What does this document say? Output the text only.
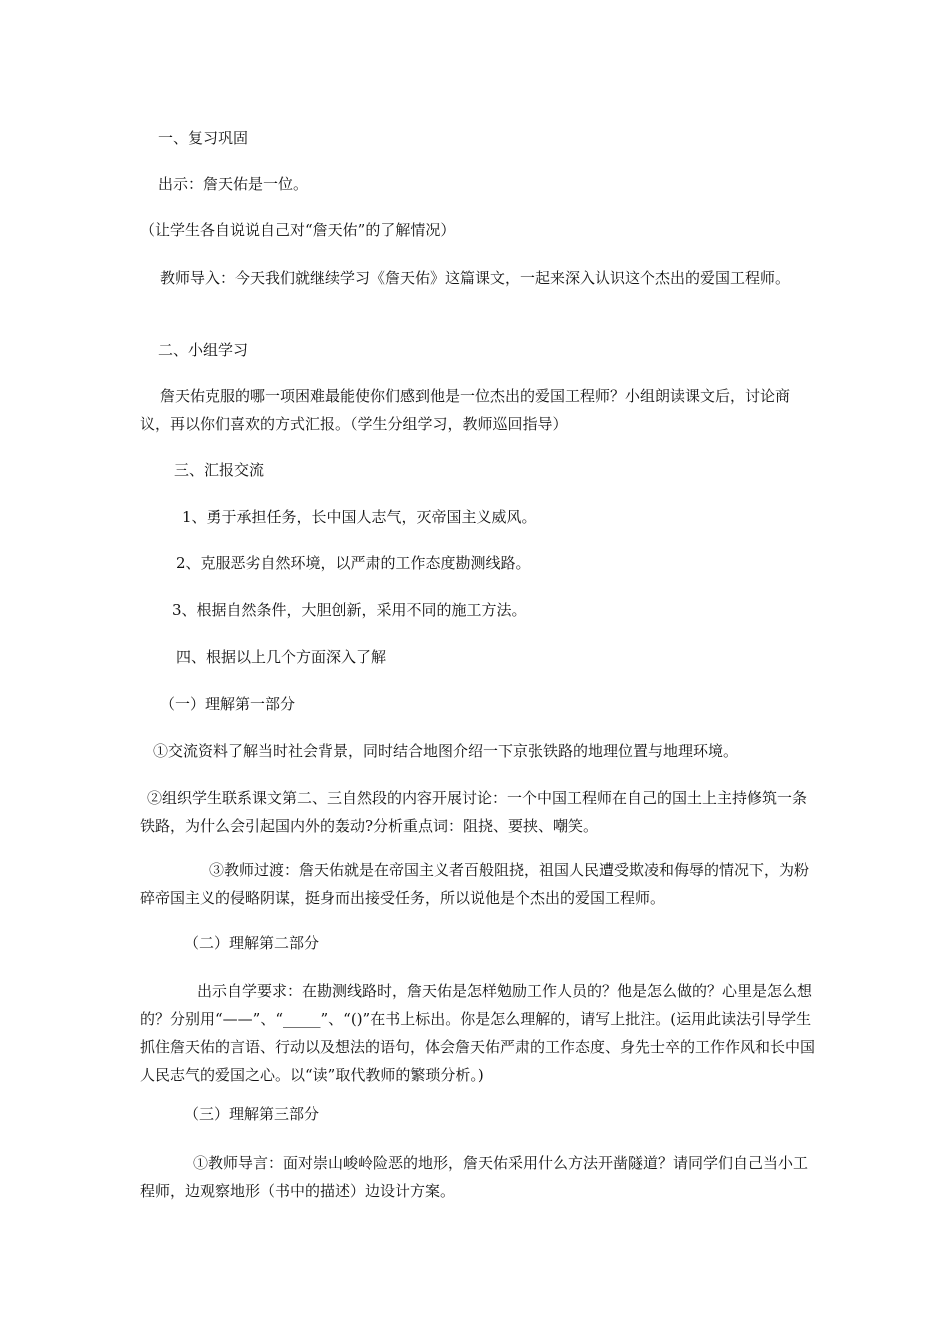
一、复习巩固

出示：詹天佑是一位。

（让学生各自说说自己对“詹天佑”的了解情况）

教师导入：今天我们就继续学习《詹天佑》这篇课文，一起来深入认识这个杰出的爱国工程师。

二、小组学习

詹天佑克服的哪一项困难最能使你们感到他是一位杰出的爱国工程师？小组朗读课文后，讨论商议，再以你们喜欢的方式汇报。（学生分组学习，教师巡回指导）

三、汇报交流

1、勇于承担任务，长中国人志气，灭帝国主义威风。

2、克服恶劣自然环境，以严肃的工作态度勘测线路。

3、根据自然条件，大胆创新，采用不同的施工方法。

四、根据以上几个方面深入了解

（一）理解第一部分

①交流资料了解当时社会背景，同时结合地图介绍一下京张铁路的地理位置与地理环境。

②组织学生联系课文第二、三自然段的内容开展讨论：一个中国工程师在自己的国土上主持修筑一条铁路，为什么会引起国内外的轰动?分析重点词：阻挠、要挟、嘲笑。

③教师过渡：詹天佑就是在帝国主义者百般阻挠，祖国人民遭受欺凌和侮辱的情况下，为粉碎帝国主义的侵略阴谋，挺身而出接受任务，所以说他是个杰出的爱国工程师。

（二）理解第二部分

出示自学要求：在勘测线路时，詹天佑是怎样勉励工作人员的？他是怎么做的？心里是怎么想的？分别用“——”、“_____”、“()”在书上标出。你是怎么理解的，请写上批注。(运用此读法引导学生抓住詹天佑的言语、行动以及想法的语句，体会詹天佑严肃的工作态度、身先士卒的工作作风和长中国人民志气的爱国之心。以“读”取代教师的繁琐分析。)

（三）理解第三部分

①教师导言：面对崇山峻岭险恶的地形，詹天佑采用什么方法开凿隧道？请同学们自己当小工程师，边观察地形（书中的描述）边设计方案。
